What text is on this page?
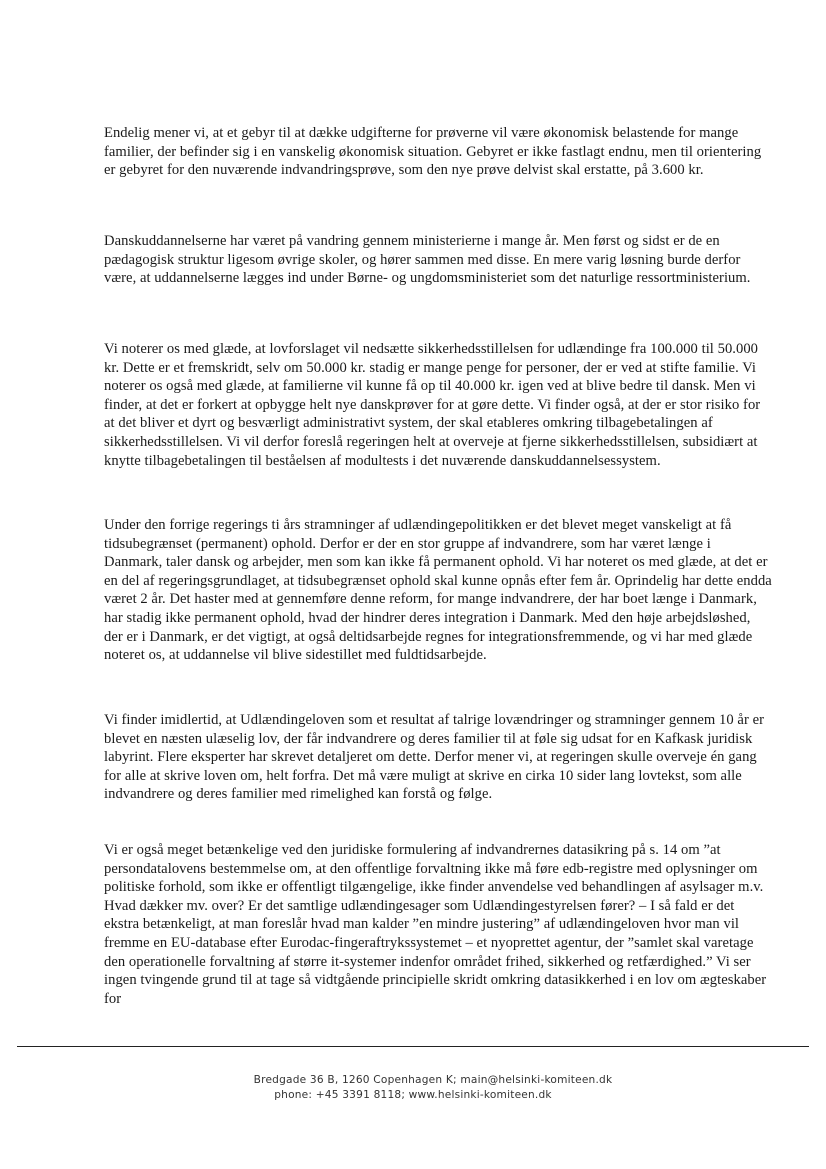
Endelig mener vi, at et gebyr til at dække udgifterne for prøverne vil være økonomisk belastende for mange familier, der befinder sig i en vanskelig økonomisk situation. Gebyret er ikke fastlagt endnu, men til orientering er gebyret for den nuværende indvandringsprøve, som den nye prøve delvist skal erstatte, på 3.600 kr.

Danskuddannelserne har været på vandring gennem ministerierne i mange år. Men først og sidst er de en pædagogisk struktur ligesom øvrige skoler, og hører sammen med disse. En mere varig løsning burde derfor være, at uddannelserne lægges ind under Børne- og ungdomsministeriet som det naturlige ressortministerium.

Vi noterer os med glæde, at lovforslaget vil nedsætte sikkerhedsstillelsen for udlændinge fra 100.000 til 50.000 kr. Dette er et fremskridt, selv om 50.000 kr. stadig er mange penge for personer, der er ved at stifte familie. Vi noterer os også med glæde, at familierne vil kunne få op til 40.000 kr. igen ved at blive bedre til dansk. Men vi finder, at det er forkert at opbygge helt nye danskprøver for at gøre dette. Vi finder også, at der er stor risiko for at det bliver et dyrt og besværligt administrativt system, der skal etableres omkring tilbagebetalingen af sikkerhedsstillelsen. Vi vil derfor foreslå regeringen helt at overveje at fjerne sikkerhedsstillelsen, subsidiært at knytte tilbagebetalingen til beståelsen af modultests i det nuværende danskuddannelsessystem.

Under den forrige regerings ti års stramninger af udlændingepolitikken er det blevet meget vanskeligt at få tidsubegrænset (permanent) ophold. Derfor er der en stor gruppe af indvandrere, som har været længe i Danmark, taler dansk og arbejder, men som kan ikke få permanent ophold. Vi har noteret os med glæde, at det er en del af regeringsgrundlaget, at tidsubegrænset ophold skal kunne opnås efter fem år. Oprindelig har dette endda været 2 år. Det haster med at gennemføre denne reform, for mange indvandrere, der har boet længe i Danmark, har stadig ikke permanent ophold, hvad der hindrer deres integration i Danmark. Med den høje arbejdsløshed, der er i Danmark, er det vigtigt, at også deltidsarbejde regnes for integrationsfremmende, og vi har med glæde noteret os, at uddannelse vil blive sidestillet med fuldtidsarbejde.

Vi finder imidlertid, at Udlændingeloven som et resultat af talrige lovændringer og stramninger gennem 10 år er blevet en næsten ulæselig lov, der får indvandrere og deres familier til at føle sig udsat for en Kafkask juridisk labyrint. Flere eksperter har skrevet detaljeret om dette. Derfor mener vi, at regeringen skulle overveje én gang for alle at skrive loven om, helt forfra. Det må være muligt at skrive en cirka 10 sider lang lovtekst, som alle indvandrere og deres familier med rimelighed kan forstå og følge.

Vi er også meget betænkelige ved den juridiske formulering af indvandrernes datasikring på s. 14 om ”at persondatalovens bestemmelse om, at den offentlige forvaltning ikke må føre edb-registre med oplysninger om politiske forhold, som ikke er offentligt tilgængelige, ikke finder anvendelse ved behandlingen af asylsager m.v. Hvad dækker mv. over? Er det samtlige udlændingesager som Udlændingestyrelsen fører? – I så fald er det ekstra betænkeligt, at man foreslår hvad man kalder ”en mindre justering” af udlændingeloven hvor man vil fremme en EU-database efter Eurodac-fingeraftrykssystemet – et nyoprettet agentur, der ”samlet skal varetage den operationelle forvaltning af større it-systemer indenfor området frihed, sikkerhed og retfærdighed.” Vi ser ingen tvingende grund til at tage så vidtgående principielle skridt omkring datasikkerhed i en lov om ægteskaber for

Bredgade 36 B, 1260 Copenhagen K; main@helsinki-komiteen.dk
phone: +45 3391 8118; www.helsinki-komiteen.dk
